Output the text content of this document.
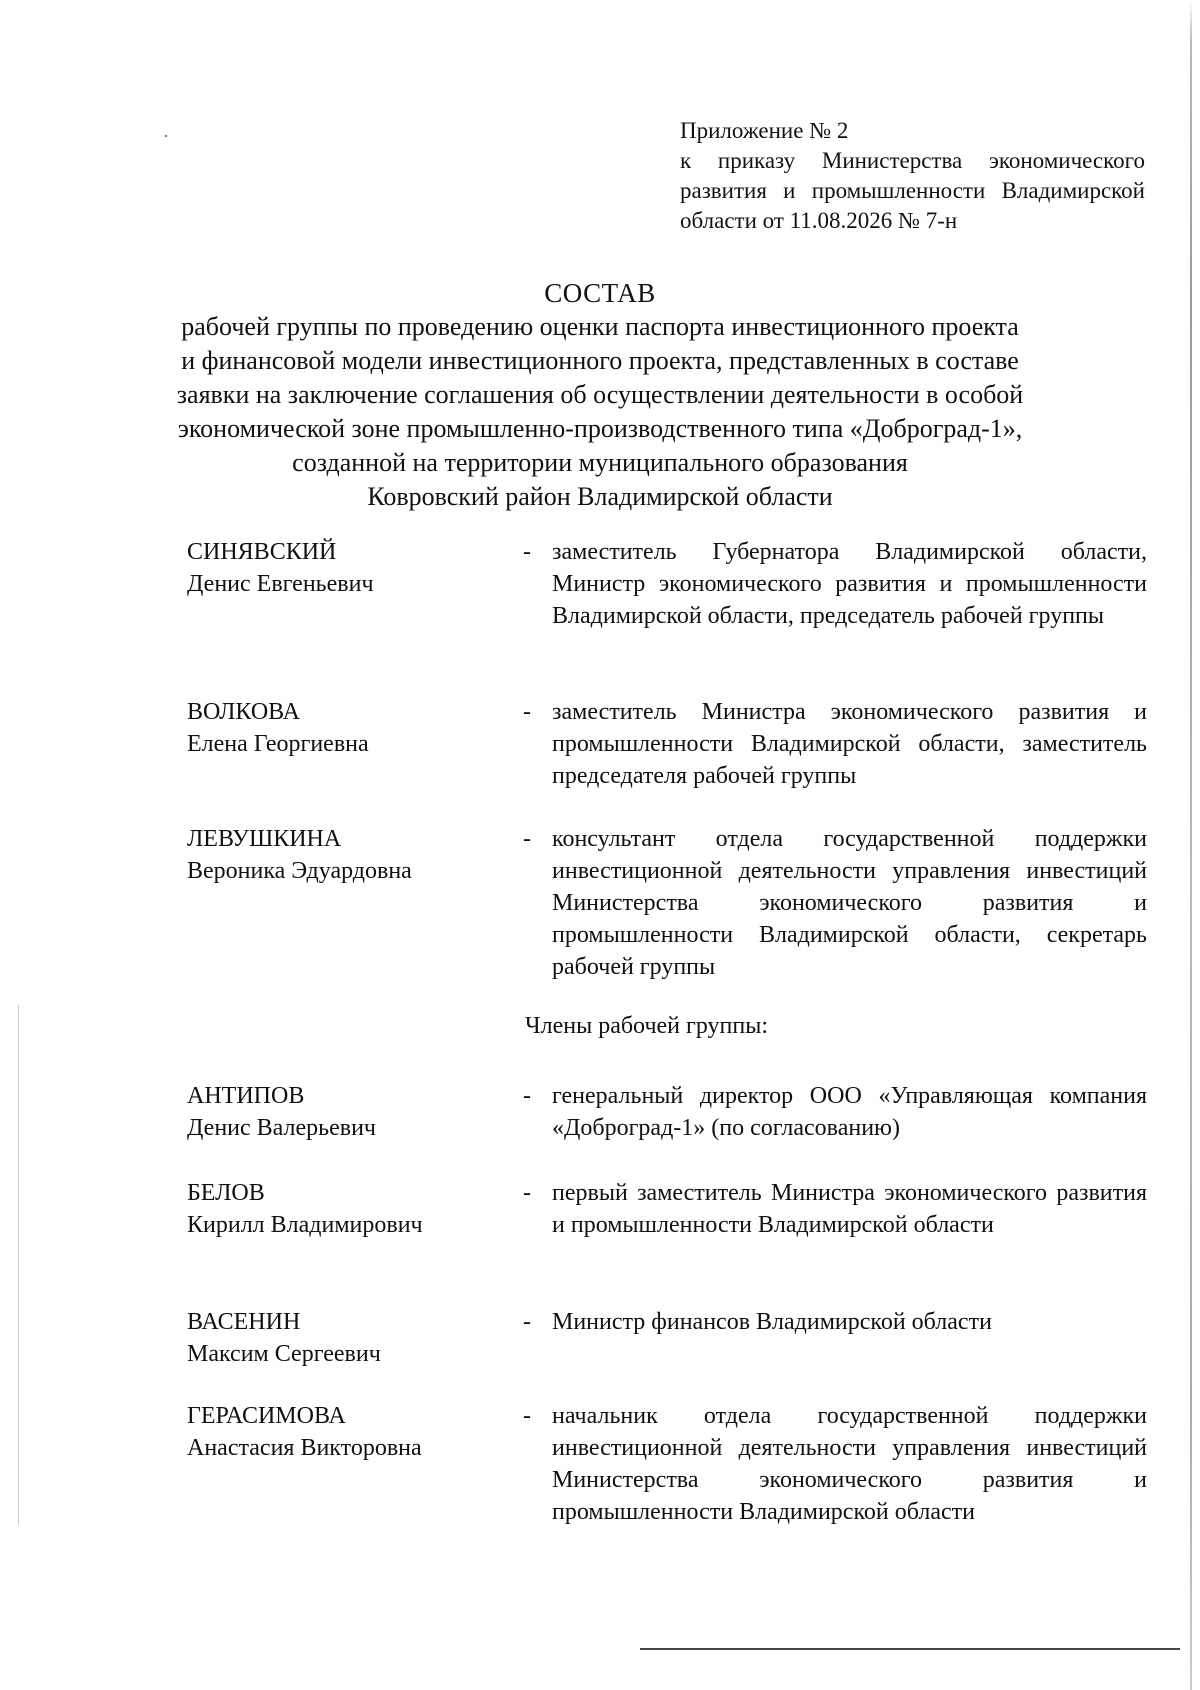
Приложение № 2
к приказу Министерства экономического развития и промышленности Владимирской области от 11.08.2026 № 7-н
СОСТАВ
рабочей группы по проведению оценки паспорта инвестиционного проекта
и финансовой модели инвестиционного проекта, представленных в составе
заявки на заключение соглашения об осуществлении деятельности в особой
экономической зоне промышленно-производственного типа «Доброград-1»,
созданной на территории муниципального образования
Ковровский район Владимирской области
СИНЯВСКИЙ
Денис Евгеньевич
- заместитель Губернатора Владимирской области, Министр экономического развития и промышленности Владимирской области, председатель рабочей группы
ВОЛКОВА
Елена Георгиевна
- заместитель Министра экономического развития и промышленности Владимирской области, заместитель председателя рабочей группы
ЛЕВУШКИНА
Вероника Эдуардовна
- консультант отдела государственной поддержки инвестиционной деятельности управления инвестиций Министерства экономического развития и промышленности Владимирской области, секретарь рабочей группы
Члены рабочей группы:
АНТИПОВ
Денис Валерьевич
- генеральный директор ООО «Управляющая компания «Доброград-1» (по согласованию)
БЕЛОВ
Кирилл Владимирович
- первый заместитель Министра экономического развития и промышленности Владимирской области
ВАСЕНИН
Максим Сергеевич
- Министр финансов Владимирской области
ГЕРАСИМОВА
Анастасия Викторовна
- начальник отдела государственной поддержки инвестиционной деятельности управления инвестиций Министерства экономического развития и промышленности Владимирской области
